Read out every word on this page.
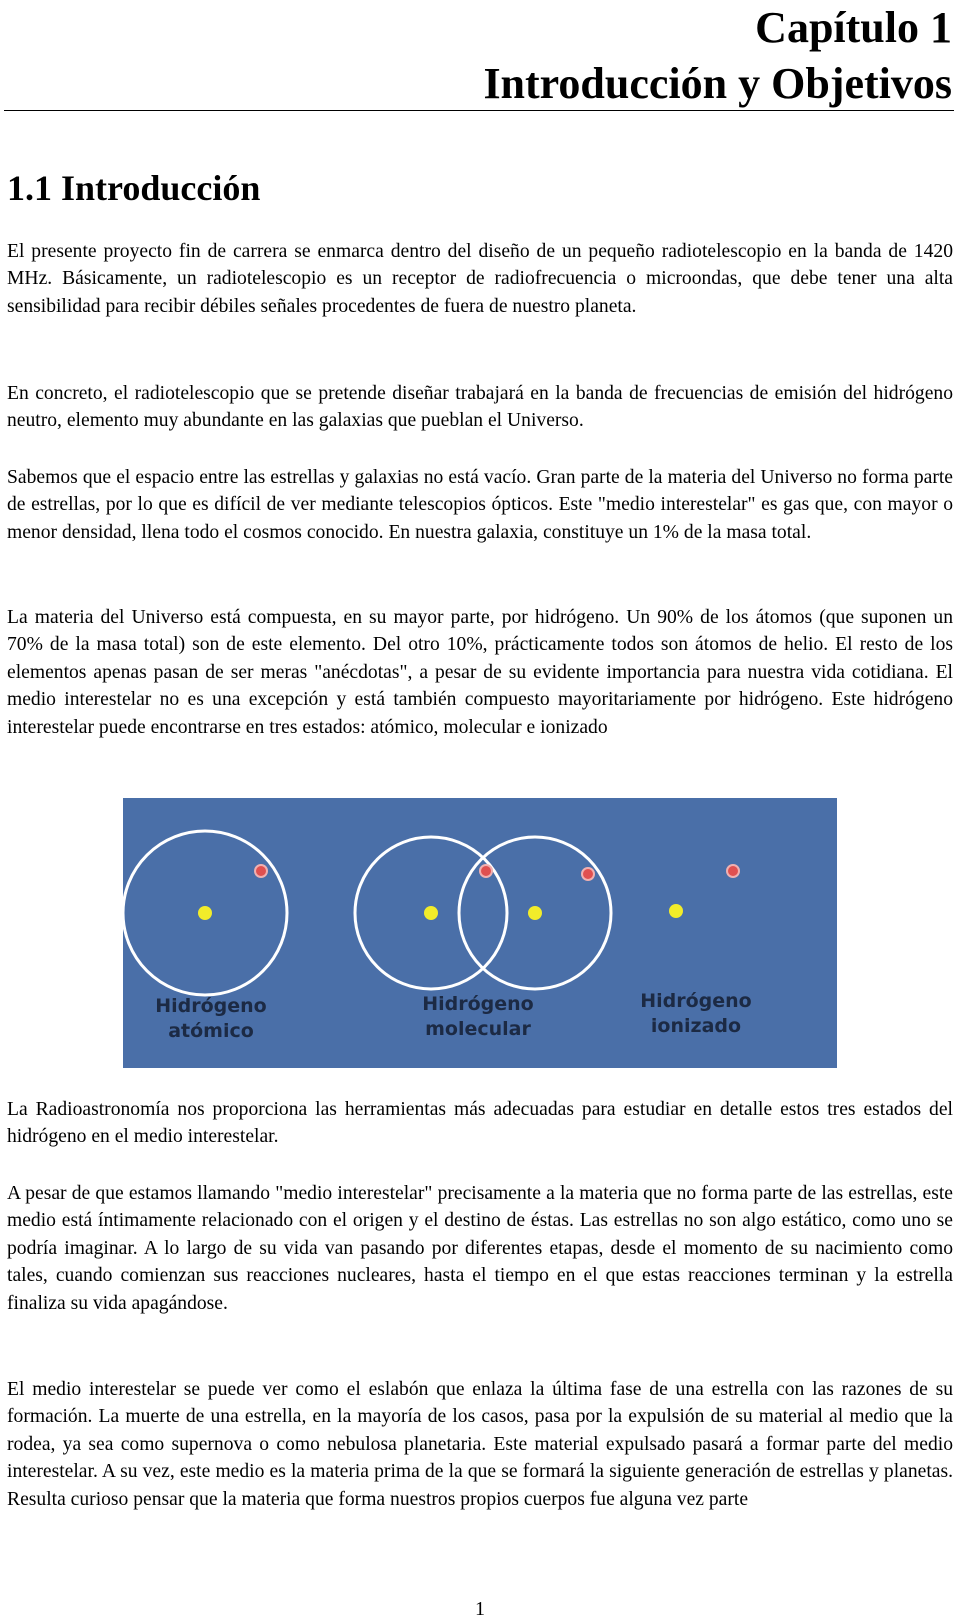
Capítulo 1
Introducción y Objetivos
1.1 Introducción

El presente proyecto fin de carrera se enmarca dentro del diseño de un pequeño radiotelescopio en la banda de 1420 MHz. Básicamente, un radiotelescopio es un receptor de radiofrecuencia o microondas, que debe tener una alta sensibilidad para recibir débiles señales procedentes de fuera de nuestro planeta.

En concreto, el radiotelescopio que se pretende diseñar trabajará en la banda de frecuencias de emisión del hidrógeno neutro, elemento muy abundante en las galaxias que pueblan el Universo.

Sabemos que el espacio entre las estrellas y galaxias no está vacío. Gran parte de la materia del Universo no forma parte de estrellas, por lo que es difícil de ver mediante telescopios ópticos. Este "medio interestelar" es gas que, con mayor o menor densidad, llena todo el cosmos conocido. En nuestra galaxia, constituye un 1% de la masa total.

La materia del Universo está compuesta, en su mayor parte, por hidrógeno. Un 90% de los átomos (que suponen un 70% de la masa total) son de este elemento. Del otro 10%, prácticamente todos son átomos de helio. El resto de los elementos apenas pasan de ser meras "anécdotas", a pesar de su evidente importancia para nuestra vida cotidiana. El medio interestelar no es una excepción y está también compuesto mayoritariamente por hidrógeno. Este hidrógeno interestelar puede encontrarse en tres estados: atómico, molecular e ionizado

Hidrógeno
atómico
Hidrógeno
molecular
Hidrógeno
ionizado

La Radioastronomía nos proporciona las herramientas más adecuadas para estudiar en detalle estos tres estados del hidrógeno en el medio interestelar.

A pesar de que estamos llamando "medio interestelar" precisamente a la materia que no forma parte de las estrellas, este medio está íntimamente relacionado con el origen y el destino de éstas. Las estrellas no son algo estático, como uno se podría imaginar. A lo largo de su vida van pasando por diferentes etapas, desde el momento de su nacimiento como tales, cuando comienzan sus reacciones nucleares, hasta el tiempo en el que estas reacciones terminan y la estrella finaliza su vida apagándose.

El medio interestelar se puede ver como el eslabón que enlaza la última fase de una estrella con las razones de su formación. La muerte de una estrella, en la mayoría de los casos, pasa por la expulsión de su material al medio que la rodea, ya sea como supernova o como nebulosa planetaria. Este material expulsado pasará a formar parte del medio interestelar. A su vez, este medio es la materia prima de la que se formará la siguiente generación de estrellas y planetas. Resulta curioso pensar que la materia que forma nuestros propios cuerpos fue alguna vez parte

1
